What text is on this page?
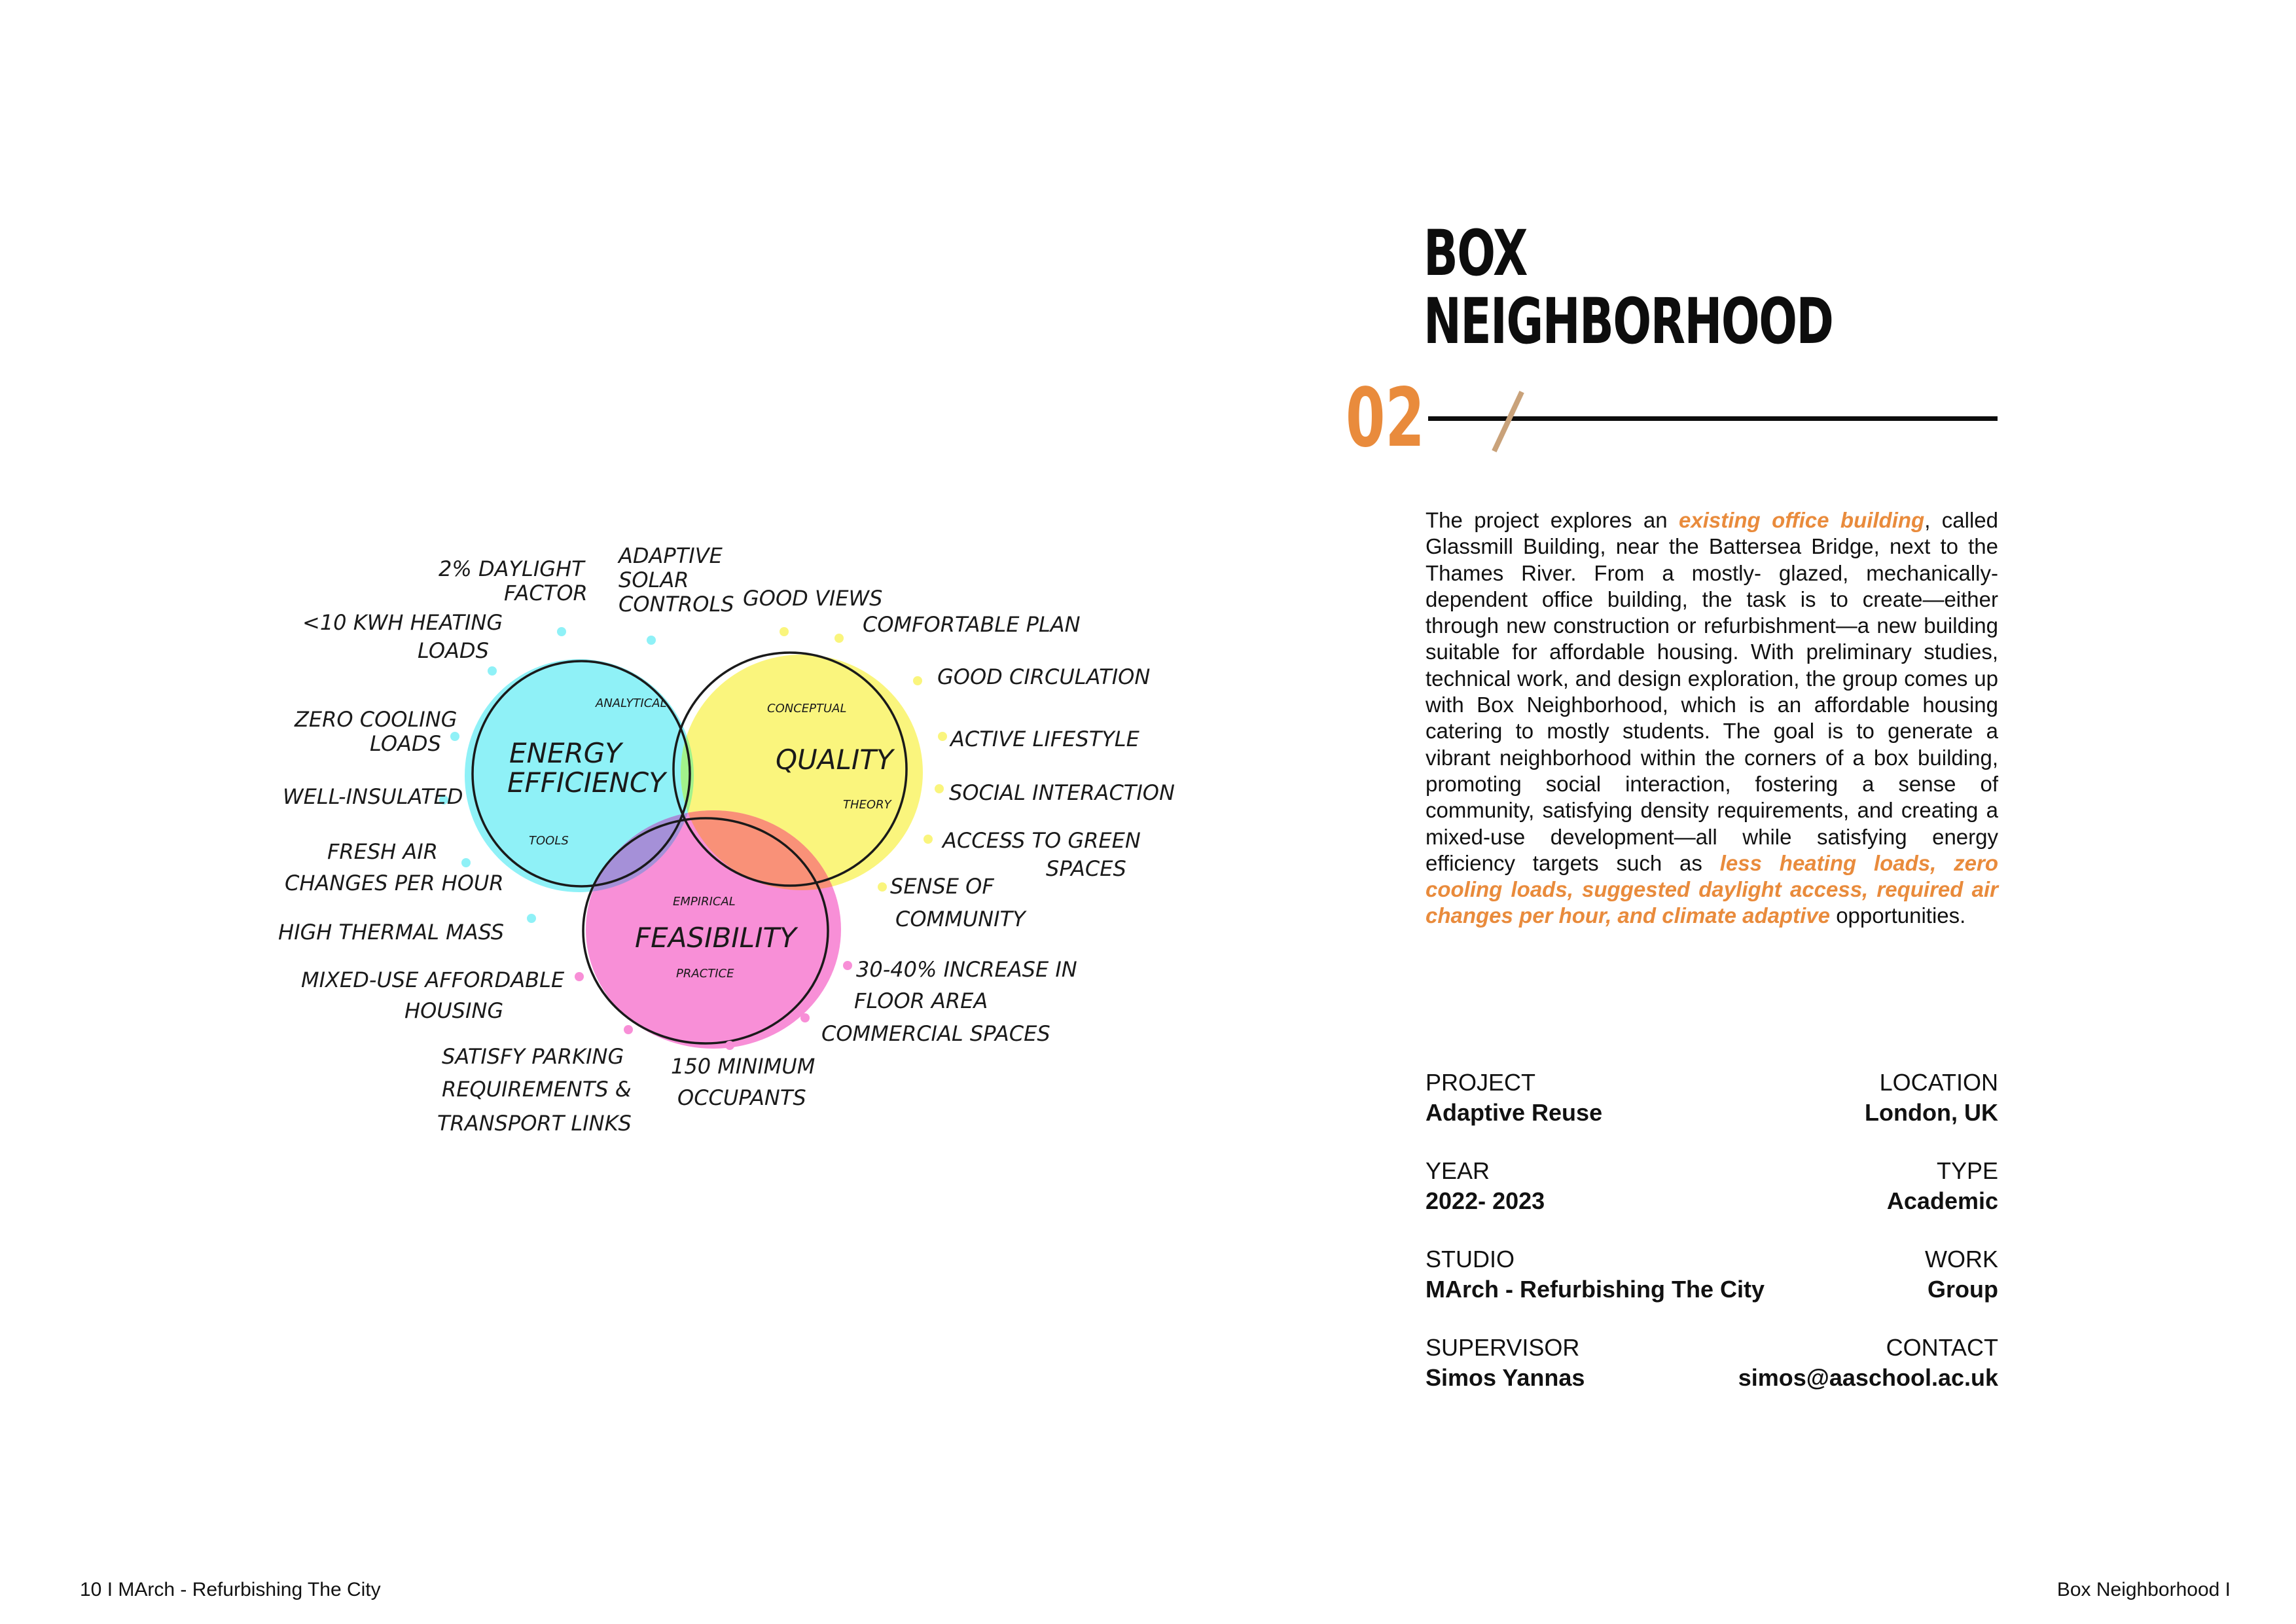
ENERGY
EFFICIENCY
QUALITY
FEASIBILITY
ANALYTICAL	CONCEPTUAL
THEORY
TOOLS
EMPIRICAL
PRACTICE
2% DAYLIGHT
FACTOR
ADAPTIVE
SOLAR
CONTROLS
<10 KWH HEATING
LOADS
ZERO COOLING
LOADS
WELL-INSULATED
FRESH AIR
CHANGES PER HOUR
HIGH THERMAL MASS
MIXED-USE AFFORDABLE
HOUSING
SATISFY PARKING
REQUIREMENTS &
TRANSPORT LINKS
150 MINIMUM
OCCUPANTS
COMMERCIAL SPACES
30-40% INCREASE IN
FLOOR AREA
SENSE OF
COMMUNITY
ACCESS TO GREEN
SPACES
SOCIAL INTERACTION
ACTIVE LIFESTYLE
GOOD CIRCULATION
COMFORTABLE PLAN
GOOD VIEWS
BOX
NEIGHBORHOOD
02

The project explores an existing office building, called Glassmill Building, near the Battersea Bridge, next to the Thames River. From a mostly- glazed, mechanically-dependent office building, the task is to create—either through new construction or refurbishment—a new building suitable for affordable housing. With preliminary studies, technical work, and design exploration, the group comes up with Box Neighborhood, which is an affordable housing catering to mostly students. The goal is to generate a vibrant neighborhood within the corners of a box building, promoting social interaction, fostering a sense of community, satisfying density requirements, and creating a mixed-use development—all while satisfying energy efficiency targets such as less heating loads, zero cooling loads, suggested daylight access, required air changes per hour, and climate adaptive opportunities.

PROJECT
Adaptive Reuse
LOCATION
London, UK
YEAR
2022- 2023
TYPE
Academic
STUDIO
MArch - Refurbishing The City
WORK
Group
SUPERVISOR
Simos Yannas
CONTACT
simos@aaschool.ac.uk
10 I MArch - Refurbishing The City	Box Neighborhood I
